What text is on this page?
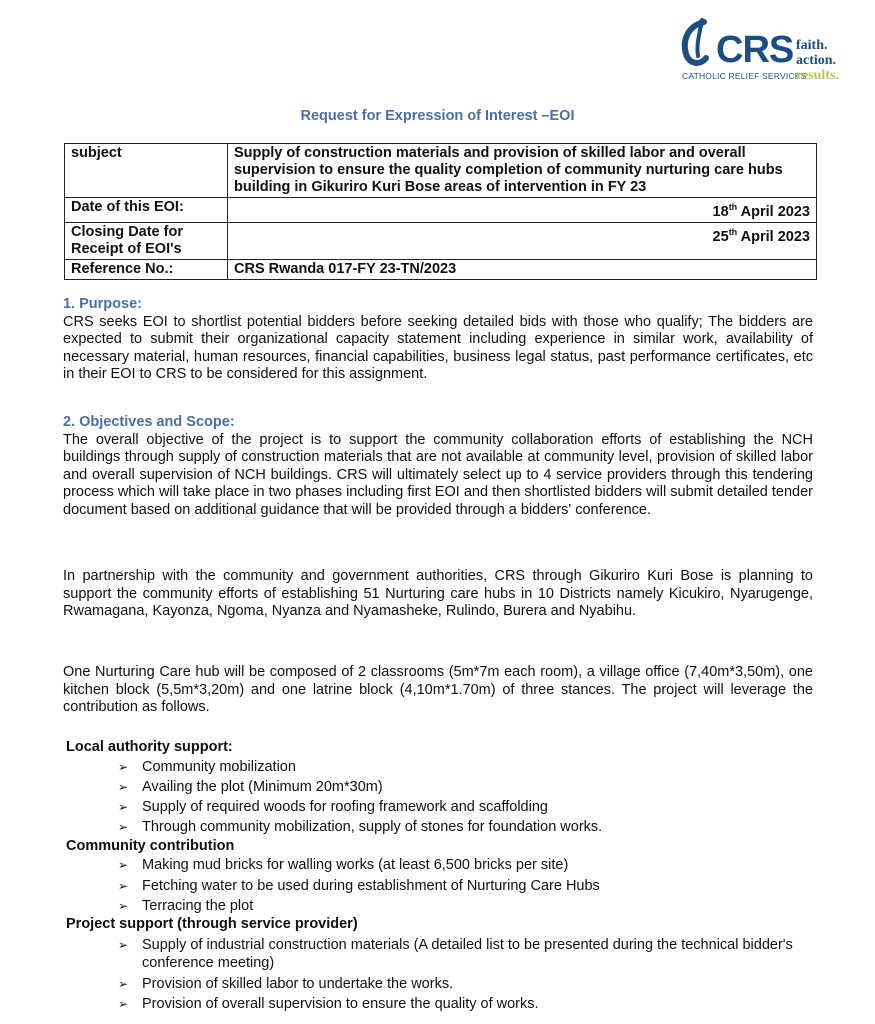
CRS
CATHOLIC RELIEF SERVICES
faith.
action.
results.
Request for Expression of Interest –EOI
subject	Supply of construction materials and provision of skilled labor and overall supervision to ensure the quality completion of community nurturing care hubs building in Gikuriro Kuri Bose areas of intervention in FY 23
Date of this EOI:	18th April 2023
Closing Date for Receipt of EOI's	25th April 2023
Reference No.:	CRS Rwanda 017-FY 23-TN/2023
1. Purpose:

CRS seeks EOI to shortlist potential bidders before seeking detailed bids with those who qualify; The bidders are expected to submit their organizational capacity statement including experience in similar work, availability of necessary material, human resources, financial capabilities, business legal status, past performance certificates, etc in their EOI to CRS to be considered for this assignment.

2. Objectives and Scope:

The overall objective of the project is to support the community collaboration efforts of establishing the NCH buildings through supply of construction materials that are not available at community level, provision of skilled labor and overall supervision of NCH buildings. CRS will ultimately select up to 4 service providers through this tendering process which will take place in two phases including first EOI and then shortlisted bidders will submit detailed tender document based on additional guidance that will be provided through a bidders' conference.

In partnership with the community and government authorities, CRS through Gikuriro Kuri Bose is planning to support the community efforts of establishing 51 Nurturing care hubs in 10 Districts namely Kicukiro, Nyarugenge, Rwamagana, Kayonza, Ngoma, Nyanza and Nyamasheke, Rulindo, Burera and Nyabihu.

One Nurturing Care hub will be composed of 2 classrooms (5m*7m each room), a village office (7,40m*3,50m), one kitchen block (5,5m*3,20m) and one latrine block (4,10m*1.70m) of three stances. The project will leverage the contribution as follows.

Local authority support:
➢ Community mobilization
➢ Availing the plot (Minimum 20m*30m)
➢ Supply of required woods for roofing framework and scaffolding
➢ Through community mobilization, supply of stones for foundation works.
Community contribution
➢ Making mud bricks for walling works (at least 6,500 bricks per site)
➢ Fetching water to be used during establishment of Nurturing Care Hubs
➢ Terracing the plot
Project support (through service provider)
➢ Supply of industrial construction materials (A detailed list to be presented during the technical bidder's conference meeting)
➢ Provision of skilled labor to undertake the works.
➢ Provision of overall supervision to ensure the quality of works.
